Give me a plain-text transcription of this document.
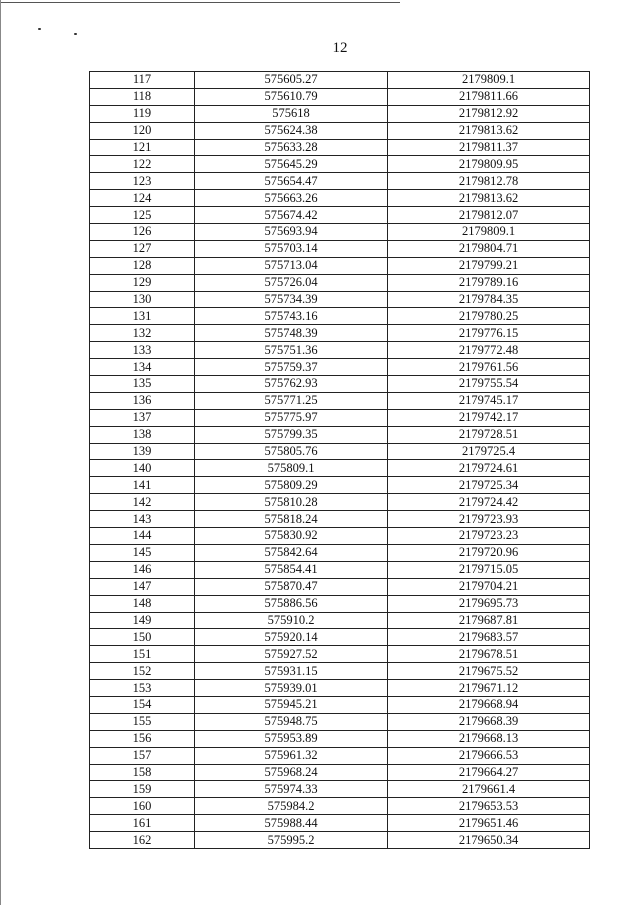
12
117	575605.27	2179809.1
118	575610.79	2179811.66
119	575618	2179812.92
120	575624.38	2179813.62
121	575633.28	2179811.37
122	575645.29	2179809.95
123	575654.47	2179812.78
124	575663.26	2179813.62
125	575674.42	2179812.07
126	575693.94	2179809.1
127	575703.14	2179804.71
128	575713.04	2179799.21
129	575726.04	2179789.16
130	575734.39	2179784.35
131	575743.16	2179780.25
132	575748.39	2179776.15
133	575751.36	2179772.48
134	575759.37	2179761.56
135	575762.93	2179755.54
136	575771.25	2179745.17
137	575775.97	2179742.17
138	575799.35	2179728.51
139	575805.76	2179725.4
140	575809.1	2179724.61
141	575809.29	2179725.34
142	575810.28	2179724.42
143	575818.24	2179723.93
144	575830.92	2179723.23
145	575842.64	2179720.96
146	575854.41	2179715.05
147	575870.47	2179704.21
148	575886.56	2179695.73
149	575910.2	2179687.81
150	575920.14	2179683.57
151	575927.52	2179678.51
152	575931.15	2179675.52
153	575939.01	2179671.12
154	575945.21	2179668.94
155	575948.75	2179668.39
156	575953.89	2179668.13
157	575961.32	2179666.53
158	575968.24	2179664.27
159	575974.33	2179661.4
160	575984.2	2179653.53
161	575988.44	2179651.46
162	575995.2	2179650.34
